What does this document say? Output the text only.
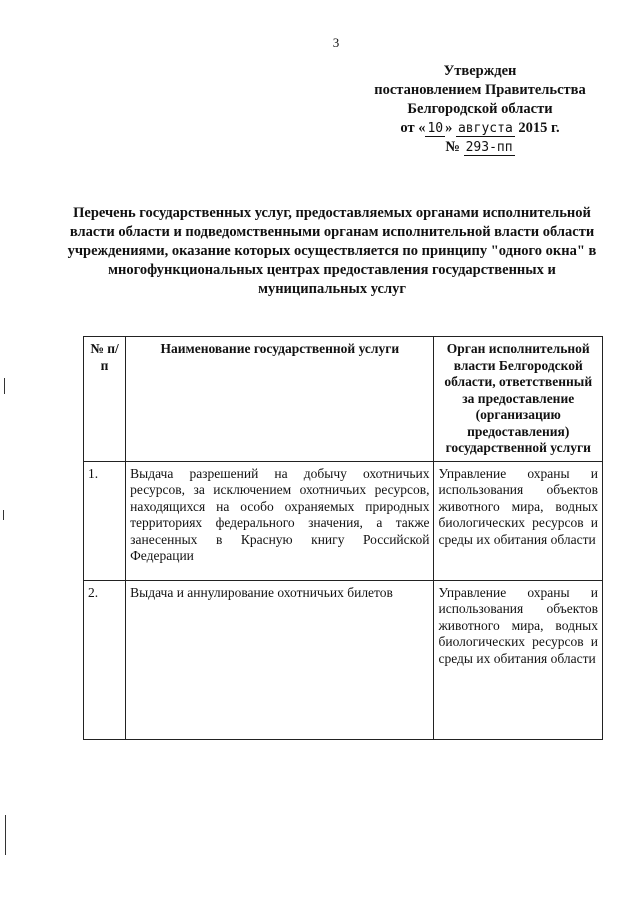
3
Утвержден
постановлением Правительства
Белгородской области
от « 10 » августа 2015 г.
№ 293-пп
Перечень государственных услуг, предоставляемых органами исполнительной власти области и подведомственными органам исполнительной власти области учреждениями, оказание которых осуществляется по принципу "одного окна" в многофункциональных центрах предоставления государственных и муниципальных услуг
№ п/п	Наименование государственной услуги	Орган исполнительной власти Белгородской области, ответственный за предоставление (организацию предоставления) государственной услуги
1.	Выдача разрешений на добычу охотничьих ресурсов, за исключением охотничьих ресурсов, находящихся на особо охраняемых природных территориях федерального значения, а также занесенных в Красную книгу Российской Федерации	Управление охраны и использования объектов животного мира, водных биологических ресурсов и среды их обитания области
2.	Выдача и аннулирование охотничьих билетов	Управление охраны и использования объектов животного мира, водных биологических ресурсов и среды их обитания области
